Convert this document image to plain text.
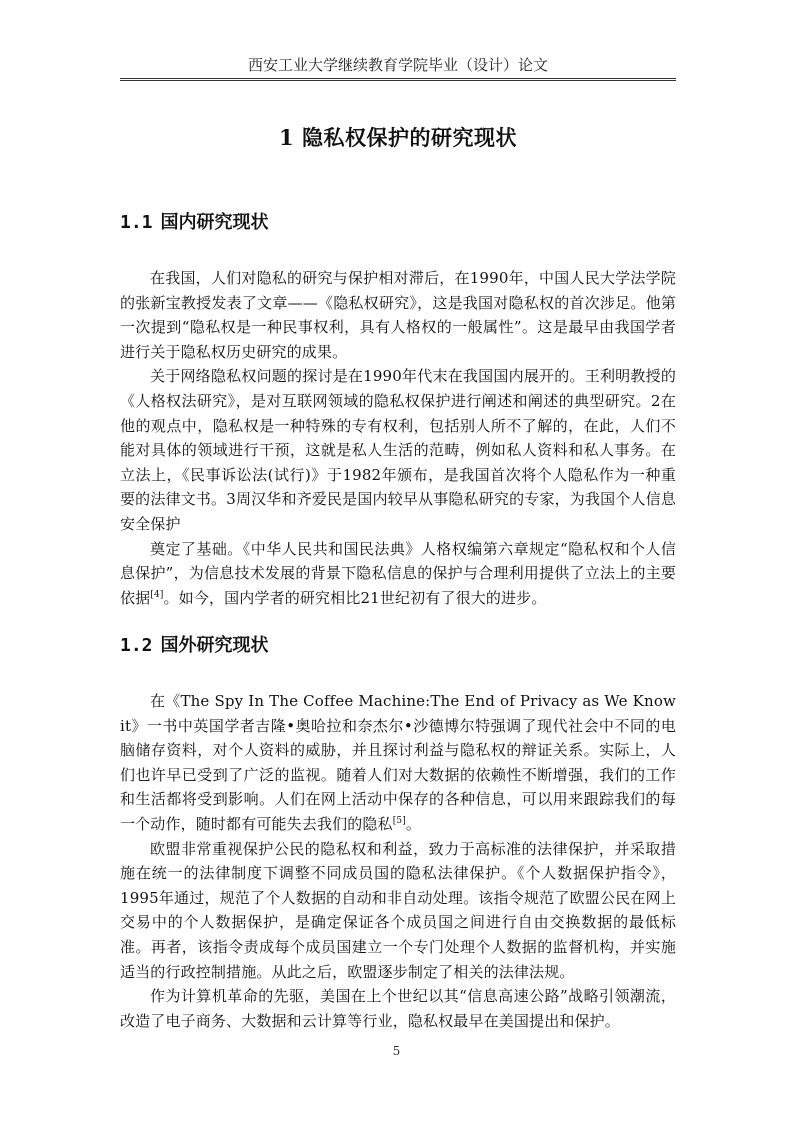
西安工业大学继续教育学院毕业（设计）论文
1 隐私权保护的研究现状
1.1 国内研究现状

在我国，人们对隐私的研究与保护相对滞后，在1990年，中国人民大学法学院的张新宝教授发表了文章——《隐私权研究》，这是我国对隐私权的首次涉足。他第一次提到“隐私权是一种民事权利，具有人格权的一般属性”。这是最早由我国学者进行关于隐私权历史研究的成果。

关于网络隐私权问题的探讨是在1990年代末在我国国内展开的。王利明教授的《人格权法研究》，是对互联网领域的隐私权保护进行阐述和阐述的典型研究。2在他的观点中，隐私权是一种特殊的专有权利，包括别人所不了解的，在此，人们不能对具体的领域进行干预，这就是私人生活的范畴，例如私人资料和私人事务。在立法上，《民事诉讼法(试行)》于1982年颁布，是我国首次将个人隐私作为一种重要的法律文书。3周汉华和齐爱民是国内较早从事隐私研究的专家，为我国个人信息安全保护

奠定了基础。《中华人民共和国民法典》人格权编第六章规定“隐私权和个人信息保护”，为信息技术发展的背景下隐私信息的保护与合理利用提供了立法上的主要依据[4]。如今，国内学者的研究相比21世纪初有了很大的进步。

1.2 国外研究现状

在《The Spy In The Coffee Machine:The End of Privacy as We Know it》一书中英国学者吉隆•奥哈拉和奈杰尔•沙德博尔特强调了现代社会中不同的电脑储存资料，对个人资料的威胁，并且探讨利益与隐私权的辩证关系。实际上，人们也许早已受到了广泛的监视。随着人们对大数据的依赖性不断增强，我们的工作和生活都将受到影响。人们在网上活动中保存的各种信息，可以用来跟踪我们的每一个动作，随时都有可能失去我们的隐私[5]。

欧盟非常重视保护公民的隐私权和利益，致力于高标准的法律保护，并采取措施在统一的法律制度下调整不同成员国的隐私法律保护。《个人数据保护指令》，1995年通过，规范了个人数据的自动和非自动处理。该指令规范了欧盟公民在网上交易中的个人数据保护，是确定保证各个成员国之间进行自由交换数据的最低标准。再者，该指令责成每个成员国建立一个专门处理个人数据的监督机构，并实施适当的行政控制措施。从此之后，欧盟逐步制定了相关的法律法规。

作为计算机革命的先驱，美国在上个世纪以其“信息高速公路”战略引领潮流，改造了电子商务、大数据和云计算等行业，隐私权最早在美国提出和保护。

5
